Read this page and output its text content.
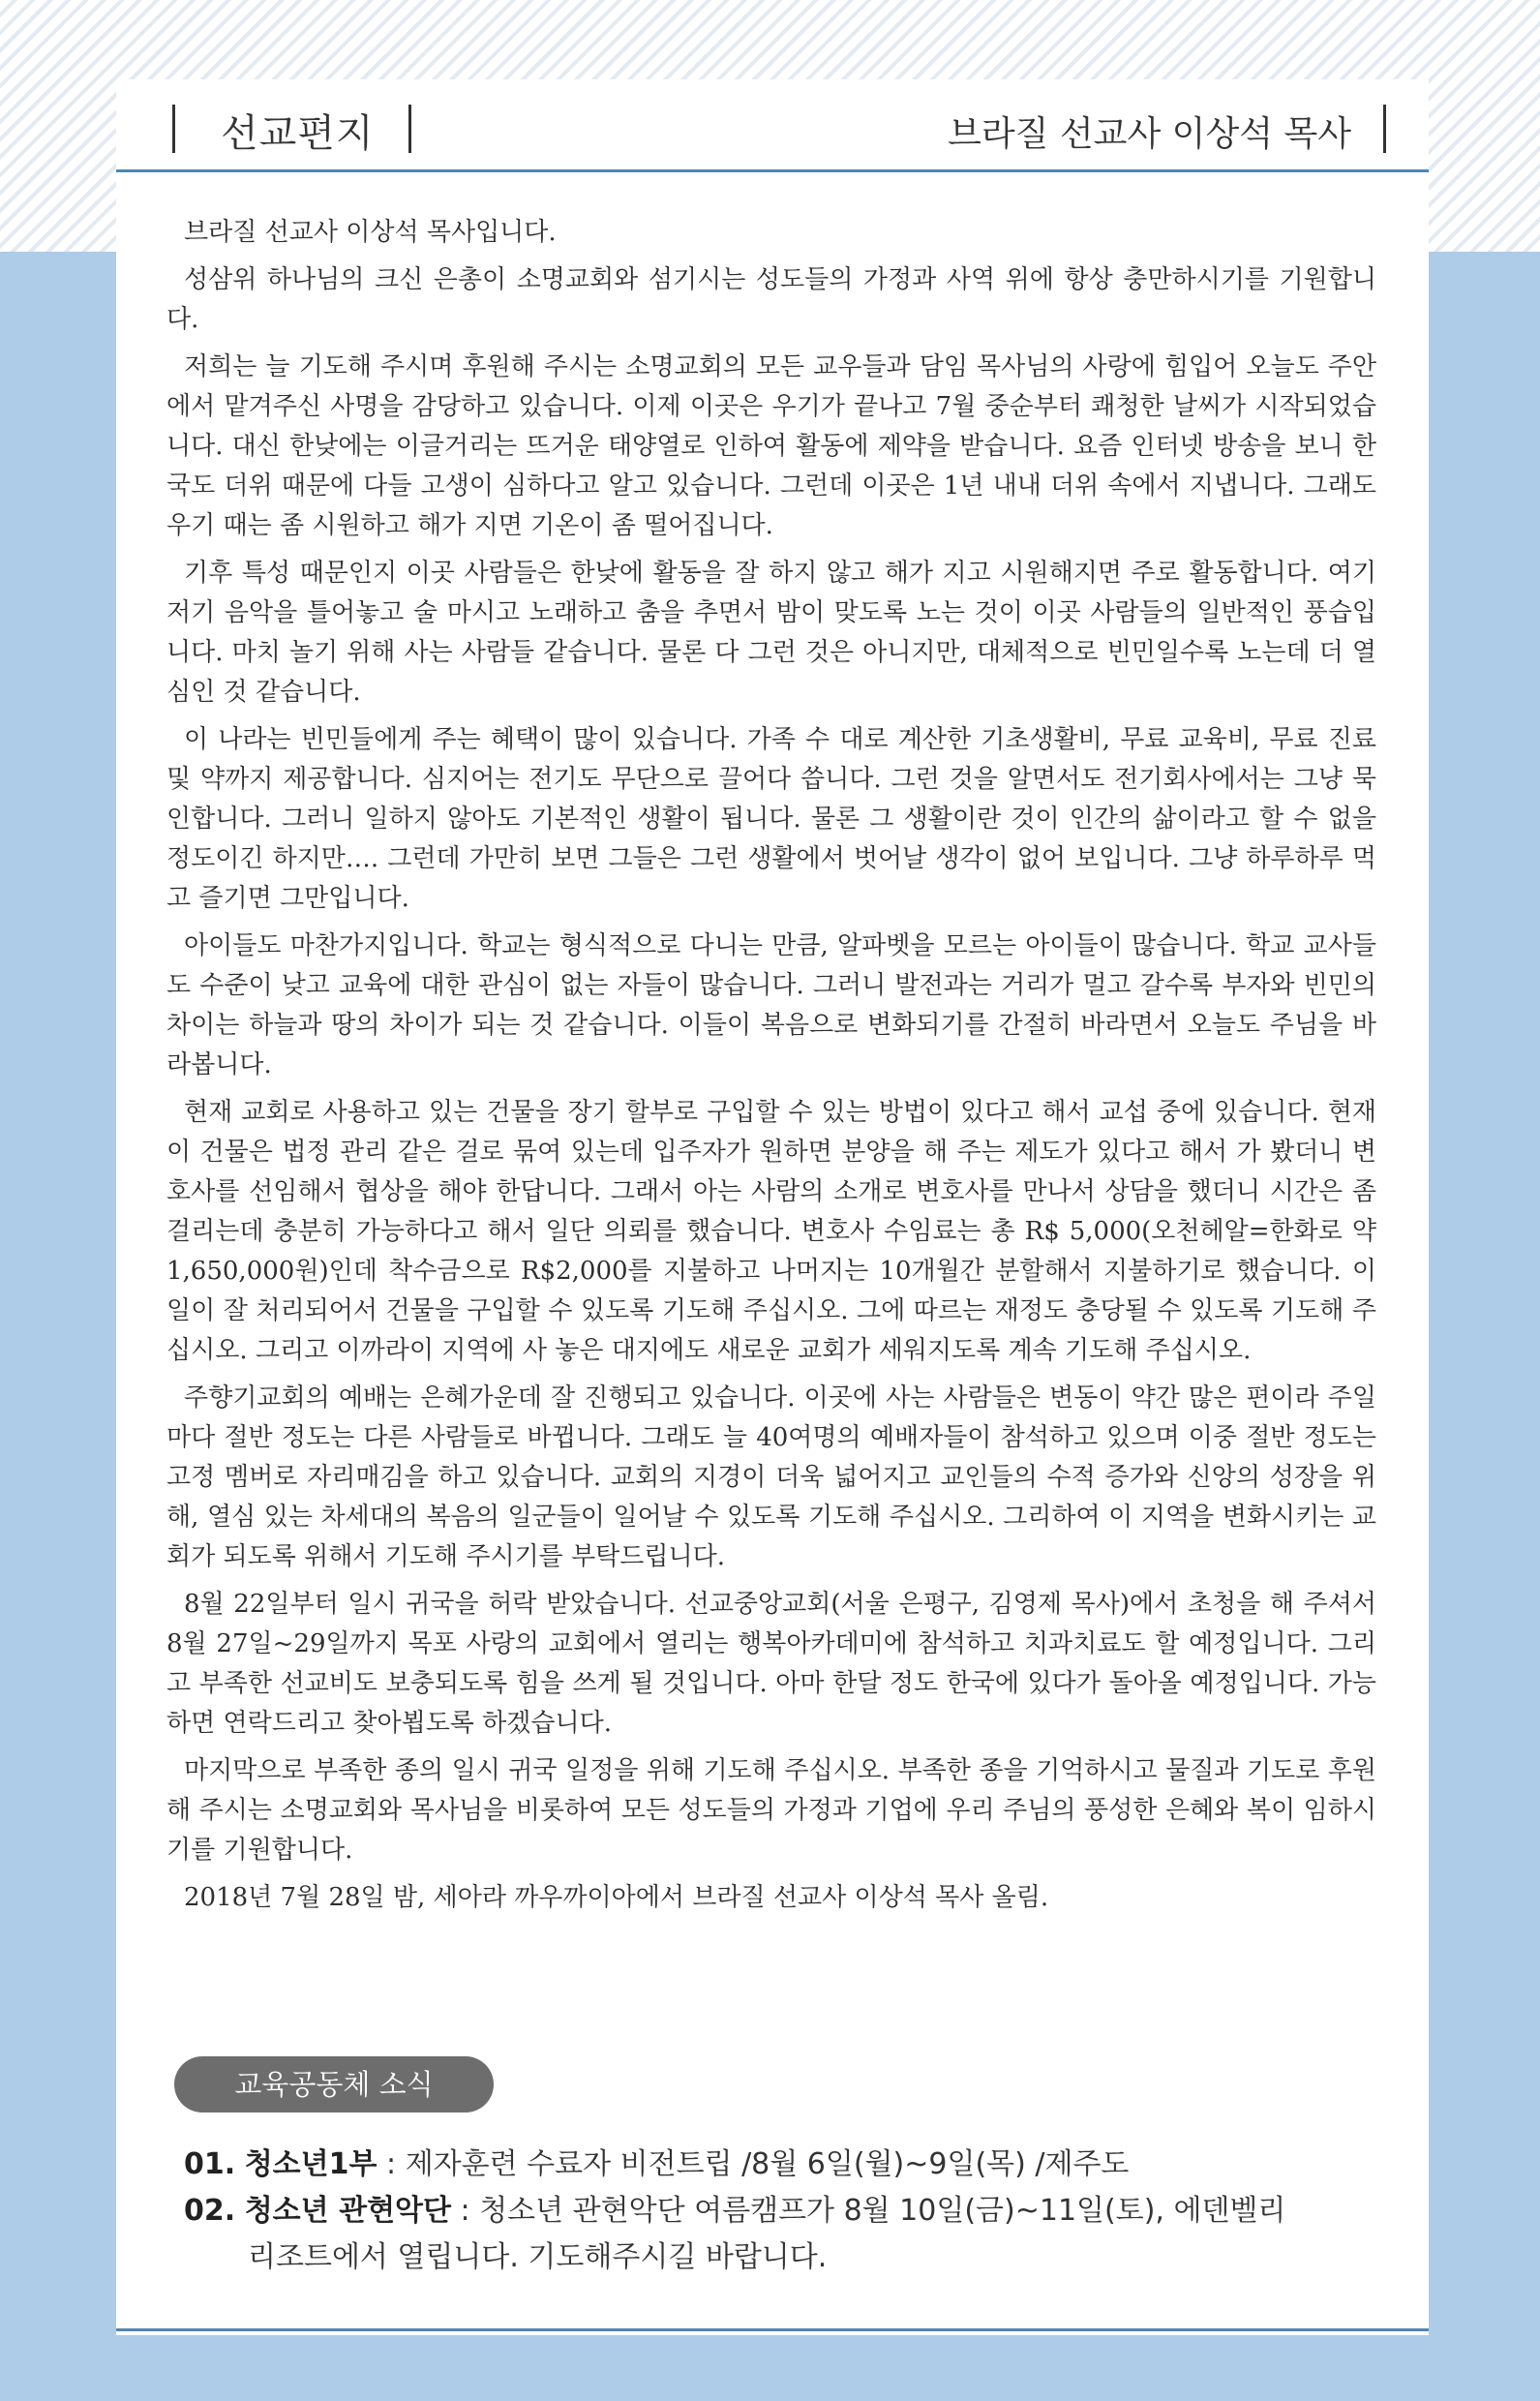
선교편지	브라질 선교사 이상석 목사

브라질 선교사 이상석 목사입니다.

성삼위 하나님의 크신 은총이 소명교회와 섬기시는 성도들의 가정과 사역 위에 항상 충만하시기를 기원합니다.

저희는 늘 기도해 주시며 후원해 주시는 소명교회의 모든 교우들과 담임 목사님의 사랑에 힘입어 오늘도 주안에서 맡겨주신 사명을 감당하고 있습니다. 이제 이곳은 우기가 끝나고 7월 중순부터 쾌청한 날씨가 시작되었습니다. 대신 한낮에는 이글거리는 뜨거운 태양열로 인하여 활동에 제약을 받습니다. 요즘 인터넷 방송을 보니 한국도 더위 때문에 다들 고생이 심하다고 알고 있습니다. 그런데 이곳은 1년 내내 더위 속에서 지냅니다. 그래도 우기 때는 좀 시원하고 해가 지면 기온이 좀 떨어집니다.

기후 특성 때문인지 이곳 사람들은 한낮에 활동을 잘 하지 않고 해가 지고 시원해지면 주로 활동합니다. 여기저기 음악을 틀어놓고 술 마시고 노래하고 춤을 추면서 밤이 맞도록 노는 것이 이곳 사람들의 일반적인 풍습입니다. 마치 놀기 위해 사는 사람들 같습니다. 물론 다 그런 것은 아니지만, 대체적으로 빈민일수록 노는데 더 열심인 것 같습니다.

이 나라는 빈민들에게 주는 혜택이 많이 있습니다. 가족 수 대로 계산한 기초생활비, 무료 교육비, 무료 진료 및 약까지 제공합니다. 심지어는 전기도 무단으로 끌어다 씁니다. 그런 것을 알면서도 전기회사에서는 그냥 묵인합니다. 그러니 일하지 않아도 기본적인 생활이 됩니다. 물론 그 생활이란 것이 인간의 삶이라고 할 수 없을 정도이긴 하지만…. 그런데 가만히 보면 그들은 그런 생활에서 벗어날 생각이 없어 보입니다. 그냥 하루하루 먹고 즐기면 그만입니다.

아이들도 마찬가지입니다. 학교는 형식적으로 다니는 만큼, 알파벳을 모르는 아이들이 많습니다. 학교 교사들도 수준이 낮고 교육에 대한 관심이 없는 자들이 많습니다. 그러니 발전과는 거리가 멀고 갈수록 부자와 빈민의 차이는 하늘과 땅의 차이가 되는 것 같습니다. 이들이 복음으로 변화되기를 간절히 바라면서 오늘도 주님을 바라봅니다.

현재 교회로 사용하고 있는 건물을 장기 할부로 구입할 수 있는 방법이 있다고 해서 교섭 중에 있습니다. 현재 이 건물은 법정 관리 같은 걸로 묶여 있는데 입주자가 원하면 분양을 해 주는 제도가 있다고 해서 가 봤더니 변호사를 선임해서 협상을 해야 한답니다. 그래서 아는 사람의 소개로 변호사를 만나서 상담을 했더니 시간은 좀 걸리는데 충분히 가능하다고 해서 일단 의뢰를 했습니다. 변호사 수임료는 총 R$ 5,000(오천헤알=한화로 약 1,650,000원)인데 착수금으로 R$2,000를 지불하고 나머지는 10개월간 분할해서 지불하기로 했습니다. 이 일이 잘 처리되어서 건물을 구입할 수 있도록 기도해 주십시오. 그에 따르는 재정도 충당될 수 있도록 기도해 주십시오. 그리고 이까라이 지역에 사 놓은 대지에도 새로운 교회가 세워지도록 계속 기도해 주십시오.

주향기교회의 예배는 은혜가운데 잘 진행되고 있습니다. 이곳에 사는 사람들은 변동이 약간 많은 편이라 주일 마다 절반 정도는 다른 사람들로 바뀝니다. 그래도 늘 40여명의 예배자들이 참석하고 있으며 이중 절반 정도는 고정 멤버로 자리매김을 하고 있습니다. 교회의 지경이 더욱 넓어지고 교인들의 수적 증가와 신앙의 성장을 위해, 열심 있는 차세대의 복음의 일군들이 일어날 수 있도록 기도해 주십시오. 그리하여 이 지역을 변화시키는 교회가 되도록 위해서 기도해 주시기를 부탁드립니다.

8월 22일부터 일시 귀국을 허락 받았습니다. 선교중앙교회(서울 은평구, 김영제 목사)에서 초청을 해 주셔서 8월 27일~29일까지 목포 사랑의 교회에서 열리는 행복아카데미에 참석하고 치과치료도 할 예정입니다. 그리고 부족한 선교비도 보충되도록 힘을 쓰게 될 것입니다. 아마 한달 정도 한국에 있다가 돌아올 예정입니다. 가능하면 연락드리고 찾아뵙도록 하겠습니다.

마지막으로 부족한 종의 일시 귀국 일정을 위해 기도해 주십시오. 부족한 종을 기억하시고 물질과 기도로 후원해 주시는 소명교회와 목사님을 비롯하여 모든 성도들의 가정과 기업에 우리 주님의 풍성한 은혜와 복이 임하시기를 기원합니다.

2018년 7월 28일 밤, 세아라 까우까이아에서 브라질 선교사 이상석 목사 올림.

교육공동체 소식

01. 청소년1부 : 제자훈련 수료자 비전트립 /8월 6일(월)~9일(목) /제주도

02. 청소년 관현악단 : 청소년 관현악단 여름캠프가 8월 10일(금)~11일(토), 에덴벨리

리조트에서 열립니다. 기도해주시길 바랍니다.
